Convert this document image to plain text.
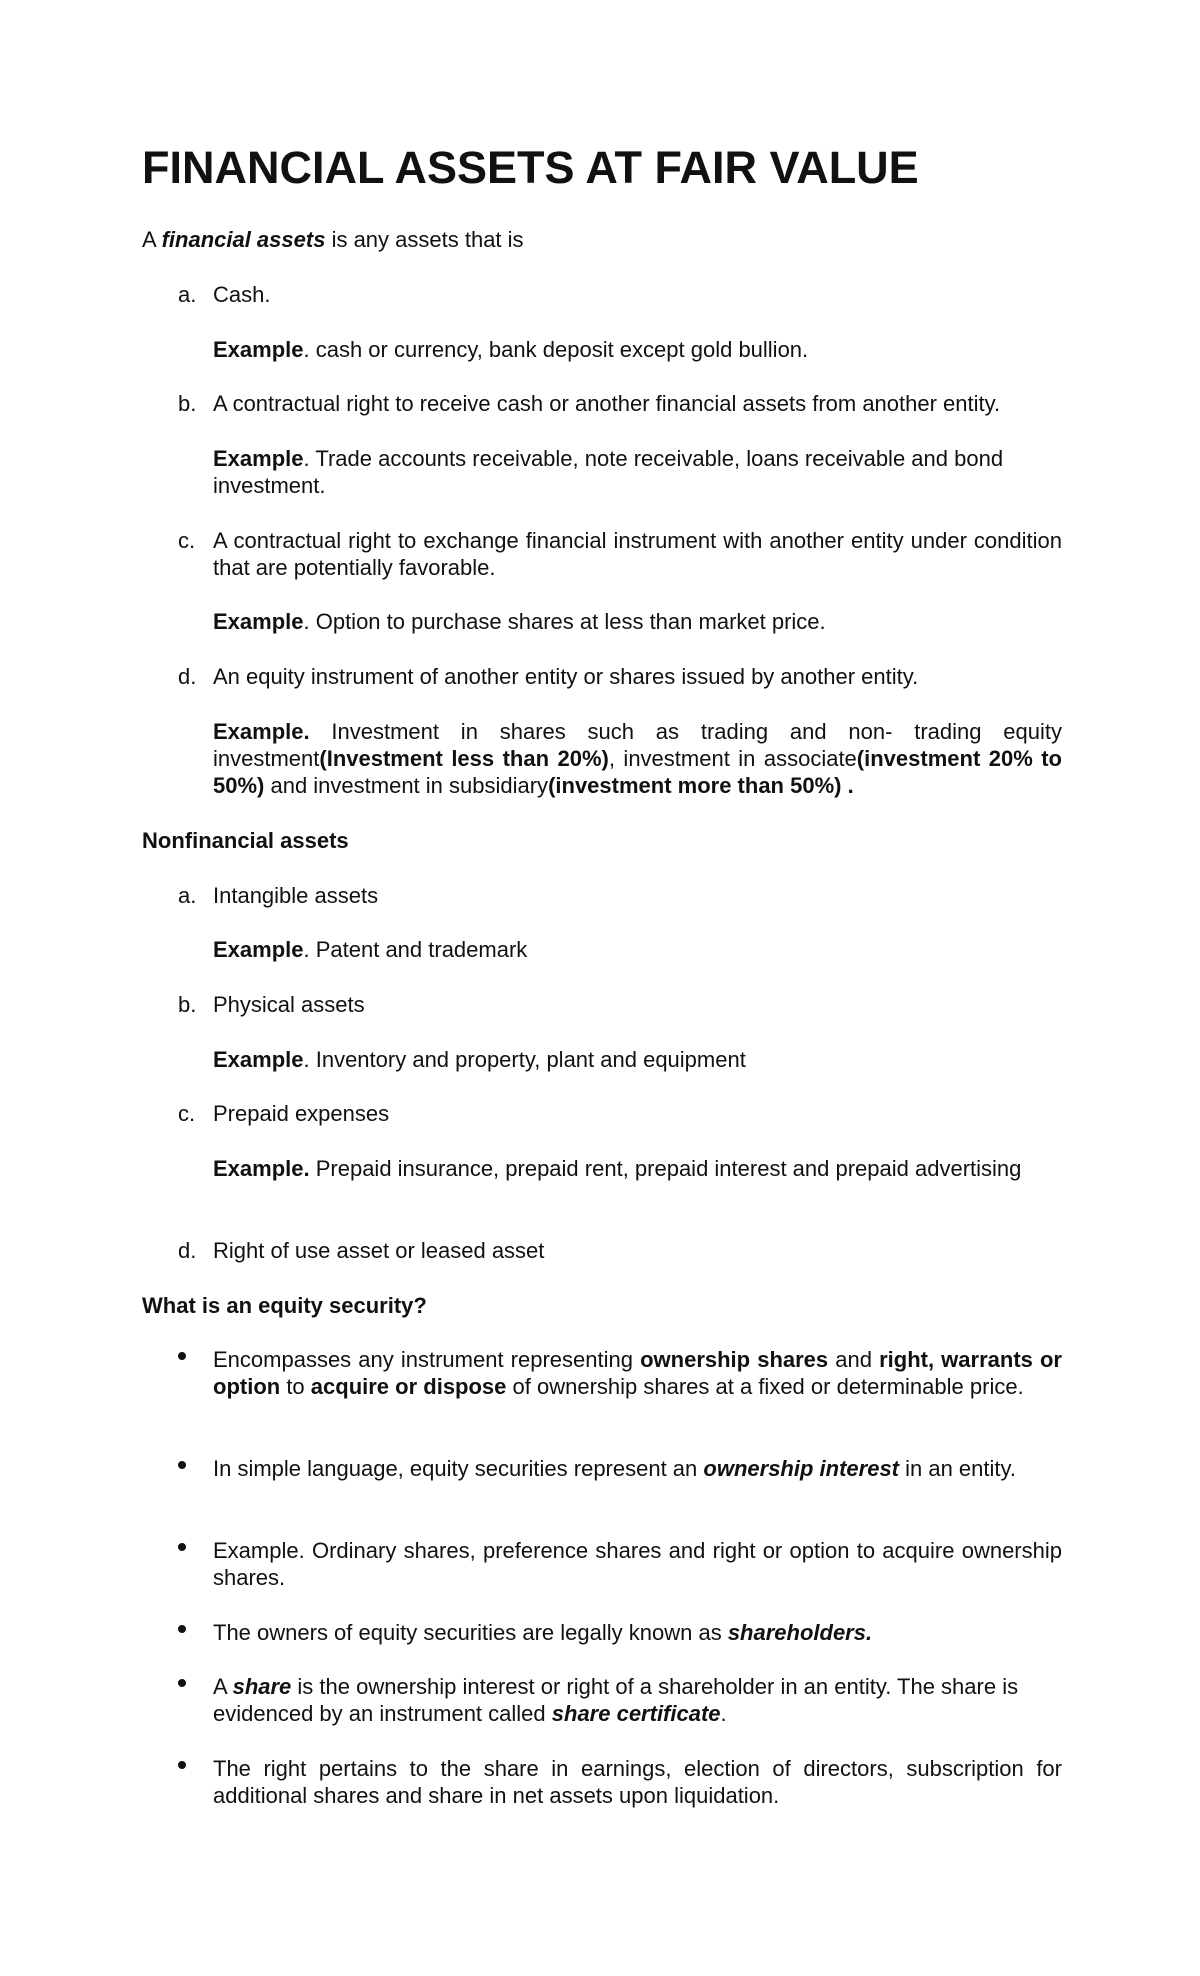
FINANCIAL ASSETS AT FAIR VALUE

A financial assets is any assets that is

a. Cash.

Example. cash or currency, bank deposit except gold bullion.

b. A contractual right to receive cash or another financial assets from another entity.

Example. Trade accounts receivable, note receivable, loans receivable and bond investment.

c. A contractual right to exchange financial instrument with another entity under condition that are potentially favorable.

Example. Option to purchase shares at less than market price.

d. An equity instrument of another entity or shares issued by another entity.

Example. Investment in shares such as trading and non- trading equity investment(Investment less than 20%), investment in associate(investment 20% to 50%) and investment in subsidiary(investment more than 50%) .

Nonfinancial assets

a. Intangible assets

Example. Patent and trademark

b. Physical assets

Example. Inventory and property, plant and equipment

c. Prepaid expenses

Example. Prepaid insurance, prepaid rent, prepaid interest and prepaid advertising

d. Right of use asset or leased asset

What is an equity security?

Encompasses any instrument representing ownership shares and right, warrants or option to acquire or dispose of ownership shares at a fixed or determinable price.

In simple language, equity securities represent an ownership interest in an entity.

Example. Ordinary shares, preference shares and right or option to acquire ownership shares.

The owners of equity securities are legally known as shareholders.

A share is the ownership interest or right of a shareholder in an entity. The share is evidenced by an instrument called share certificate.

The right pertains to the share in earnings, election of directors, subscription for additional shares and share in net assets upon liquidation.
